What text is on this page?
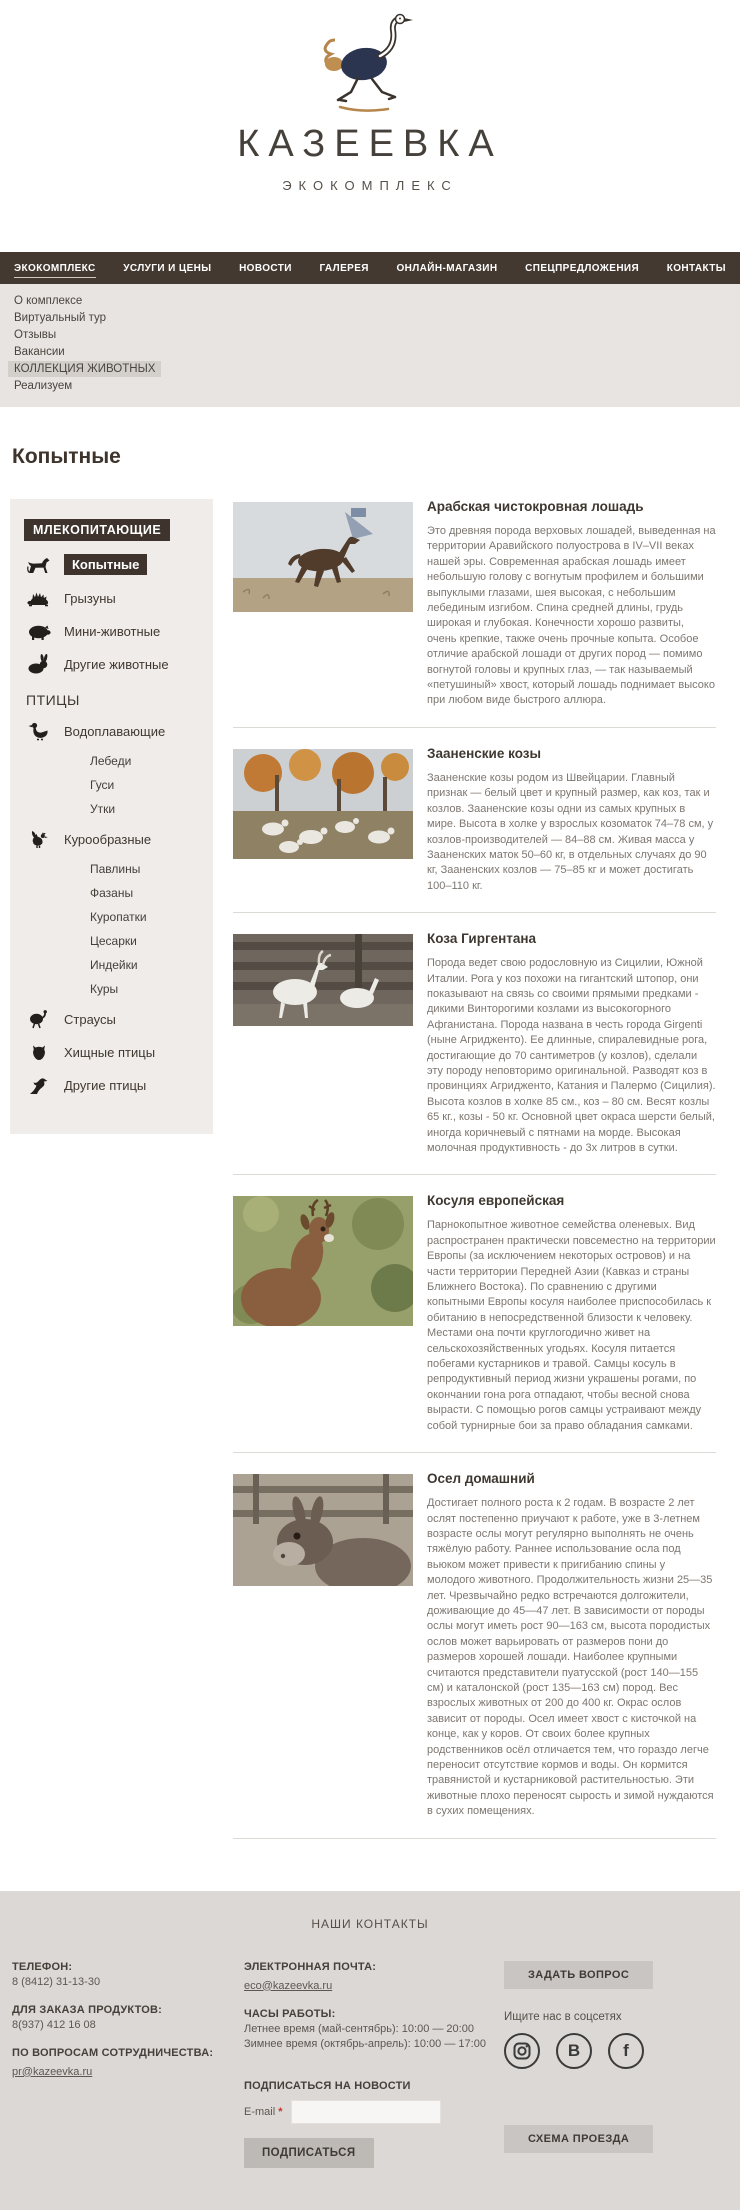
КАЗЕЕВКА
ЭКОКОМПЛЕКС
ЭКОКОМПЛЕКС	УСЛУГИ И ЦЕНЫ	НОВОСТИ	ГАЛЕРЕЯ	ОНЛАЙН-МАГАЗИН	СПЕЦПРЕДЛОЖЕНИЯ	КОНТАКТЫ
О комплексе
Виртуальный тур
Отзывы
Вакансии
КОЛЛЕКЦИЯ ЖИВОТНЫХ
Реализуем
Копытные
МЛЕКОПИТАЮЩИЕ
Копытные
Грызуны
Мини-животные
Другие животные
ПТИЦЫ
Водоплавающие
Лебеди
Гуси
Утки
Курообразные
Павлины
Фазаны
Куропатки
Цесарки
Индейки
Куры
Страусы
Хищные птицы
Другие птицы
Арабская чистокровная лошадь

Это древняя порода верховых лошадей, выведенная на территории Аравийского полуострова в IV–VII веках нашей эры. Современная арабская лошадь имеет небольшую голову с вогнутым профилем и большими выпуклыми глазами, шея высокая, с небольшим лебединым изгибом. Спина средней длины, грудь широкая и глубокая. Конечности хорошо развиты, очень крепкие, также очень прочные копыта. Особое отличие арабской лошади от других пород — помимо вогнутой головы и крупных глаз, — так называемый «петушиный» хвост, который лошадь поднимает высоко при любом виде быстрого аллюра.

Зааненские козы

Зааненские козы родом из Швейцарии. Главный признак — белый цвет и крупный размер, как коз, так и козлов. Зааненские козы одни из самых крупных в мире. Высота в холке у взрослых козоматок 74–78 см, у козлов-производителей — 84–88 см. Живая масса у Зааненских маток 50–60 кг, в отдельных случаях до 90 кг, Зааненских козлов — 75–85 кг и может достигать 100–110 кг.

Коза Гиргентана

Порода ведет свою родословную из Сицилии, Южной Италии. Рога у коз похожи на гигантский штопор, они показывают на связь со своими прямыми предками - дикими Винторогими козлами из высокогорного Афганистана. Порода названа в честь города Girgenti (ныне Агридженто). Ее длинные, спиралевидные рога, достигающие до 70 сантиметров (у козлов), сделали эту породу неповторимо оригинальной. Разводят коз в провинциях Агридженто, Катания и Палермо (Сицилия). Высота козлов в холке 85 см., коз – 80 см. Весят козлы 65 кг., козы - 50 кг. Основной цвет окраса шерсти белый, иногда коричневый с пятнами на морде. Высокая молочная продуктивность - до 3х литров в сутки.

Косуля европейская

Парнокопытное животное семейства оленевых. Вид распространен практически повсеместно на территории Европы (за исключением некоторых островов) и на части территории Передней Азии (Кавказ и страны Ближнего Востока). По сравнению с другими копытными Европы косуля наиболее приспособилась к обитанию в непосредственной близости к человеку. Местами она почти круглогодично живет на сельскохозяйственных угодьях. Косуля питается побегами кустарников и травой. Самцы косуль в репродуктивный период жизни украшены рогами, по окончании гона рога отпадают, чтобы весной снова вырасти. С помощью рогов самцы устраивают между собой турнирные бои за право обладания самками.

Осел домашний

Достигает полного роста к 2 годам. В возрасте 2 лет ослят постепенно приучают к работе, уже в 3-летнем возрасте ослы могут регулярно выполнять не очень тяжёлую работу. Раннее использование осла под вьюком может привести к пригибанию спины у молодого животного. Продолжительность жизни 25—35 лет. Чрезвычайно редко встречаются долгожители, доживающие до 45—47 лет. В зависимости от породы ослы могут иметь рост 90—163 см, высота породистых ослов может варьировать от размеров пони до размеров хорошей лошади. Наиболее крупными считаются представители пуатусской (рост 140—155 см) и каталонской (рост 135—163 см) пород. Вес взрослых животных от 200 до 400 кг. Окрас ослов зависит от породы. Осел имеет хвост с кисточкой на конце, как у коров. От своих более крупных родственников осёл отличается тем, что гораздо легче переносит отсутствие кормов и воды. Он кормится травянистой и кустарниковой растительностью. Эти животные плохо переносят сырость и зимой нуждаются в сухих помещениях.

НАШИ КОНТАКТЫ
ТЕЛЕФОН:
8 (8412) 31-13-30
ДЛЯ ЗАКАЗА ПРОДУКТОВ:
8(937) 412 16 08
ПО ВОПРОСАМ СОТРУДНИЧЕСТВА:
pr@kazeevka.ru
ЭЛЕКТРОННАЯ ПОЧТА:
eco@kazeevka.ru
ЧАСЫ РАБОТЫ:
Летнее время (май-сентябрь): 10:00 — 20:00
Зимнее время (октябрь-апрель): 10:00 — 17:00
ПОДПИСАТЬСЯ НА НОВОСТИ
E-mail *
ПОДПИСАТЬСЯ
ЗАДАТЬ ВОПРОС
Ищите нас в соцсетях
В	f
СХЕМА ПРОЕЗДА
